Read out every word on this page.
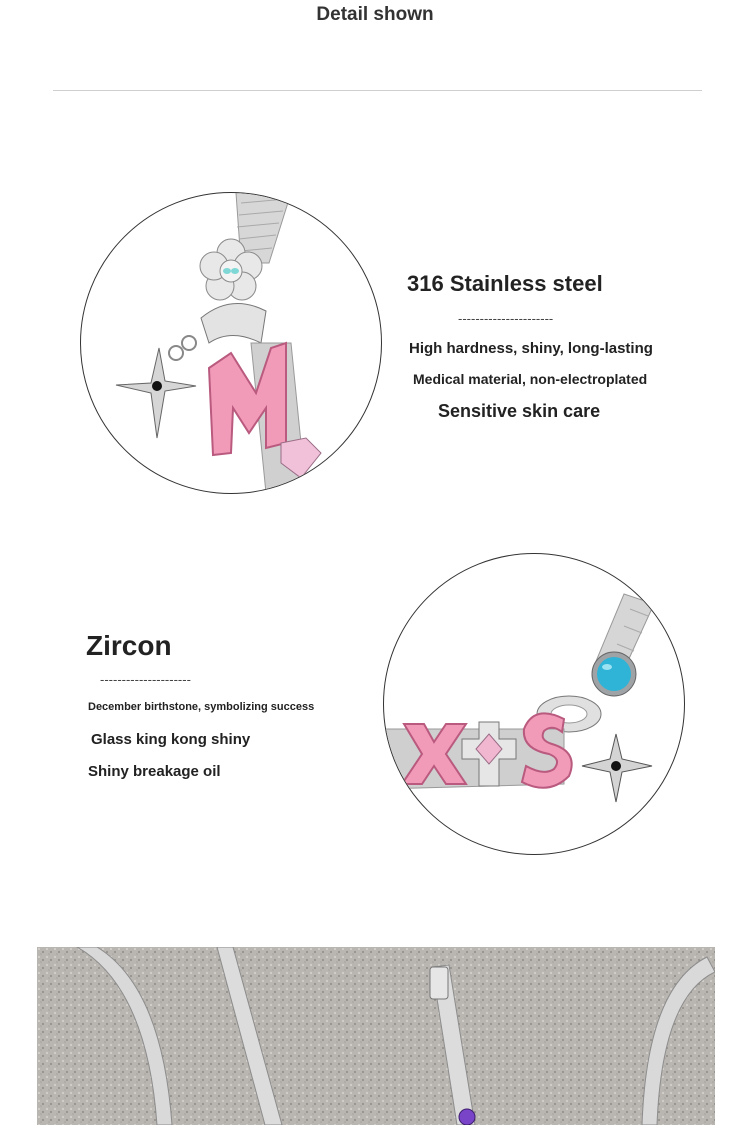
Detail shown
316 Stainless steel
----------------------
High hardness, shiny, long-lasting
Medical material, non-electroplated
Sensitive skin care
Zircon
---------------------
December birthstone, symbolizing success
Glass king kong shiny
Shiny breakage oil
